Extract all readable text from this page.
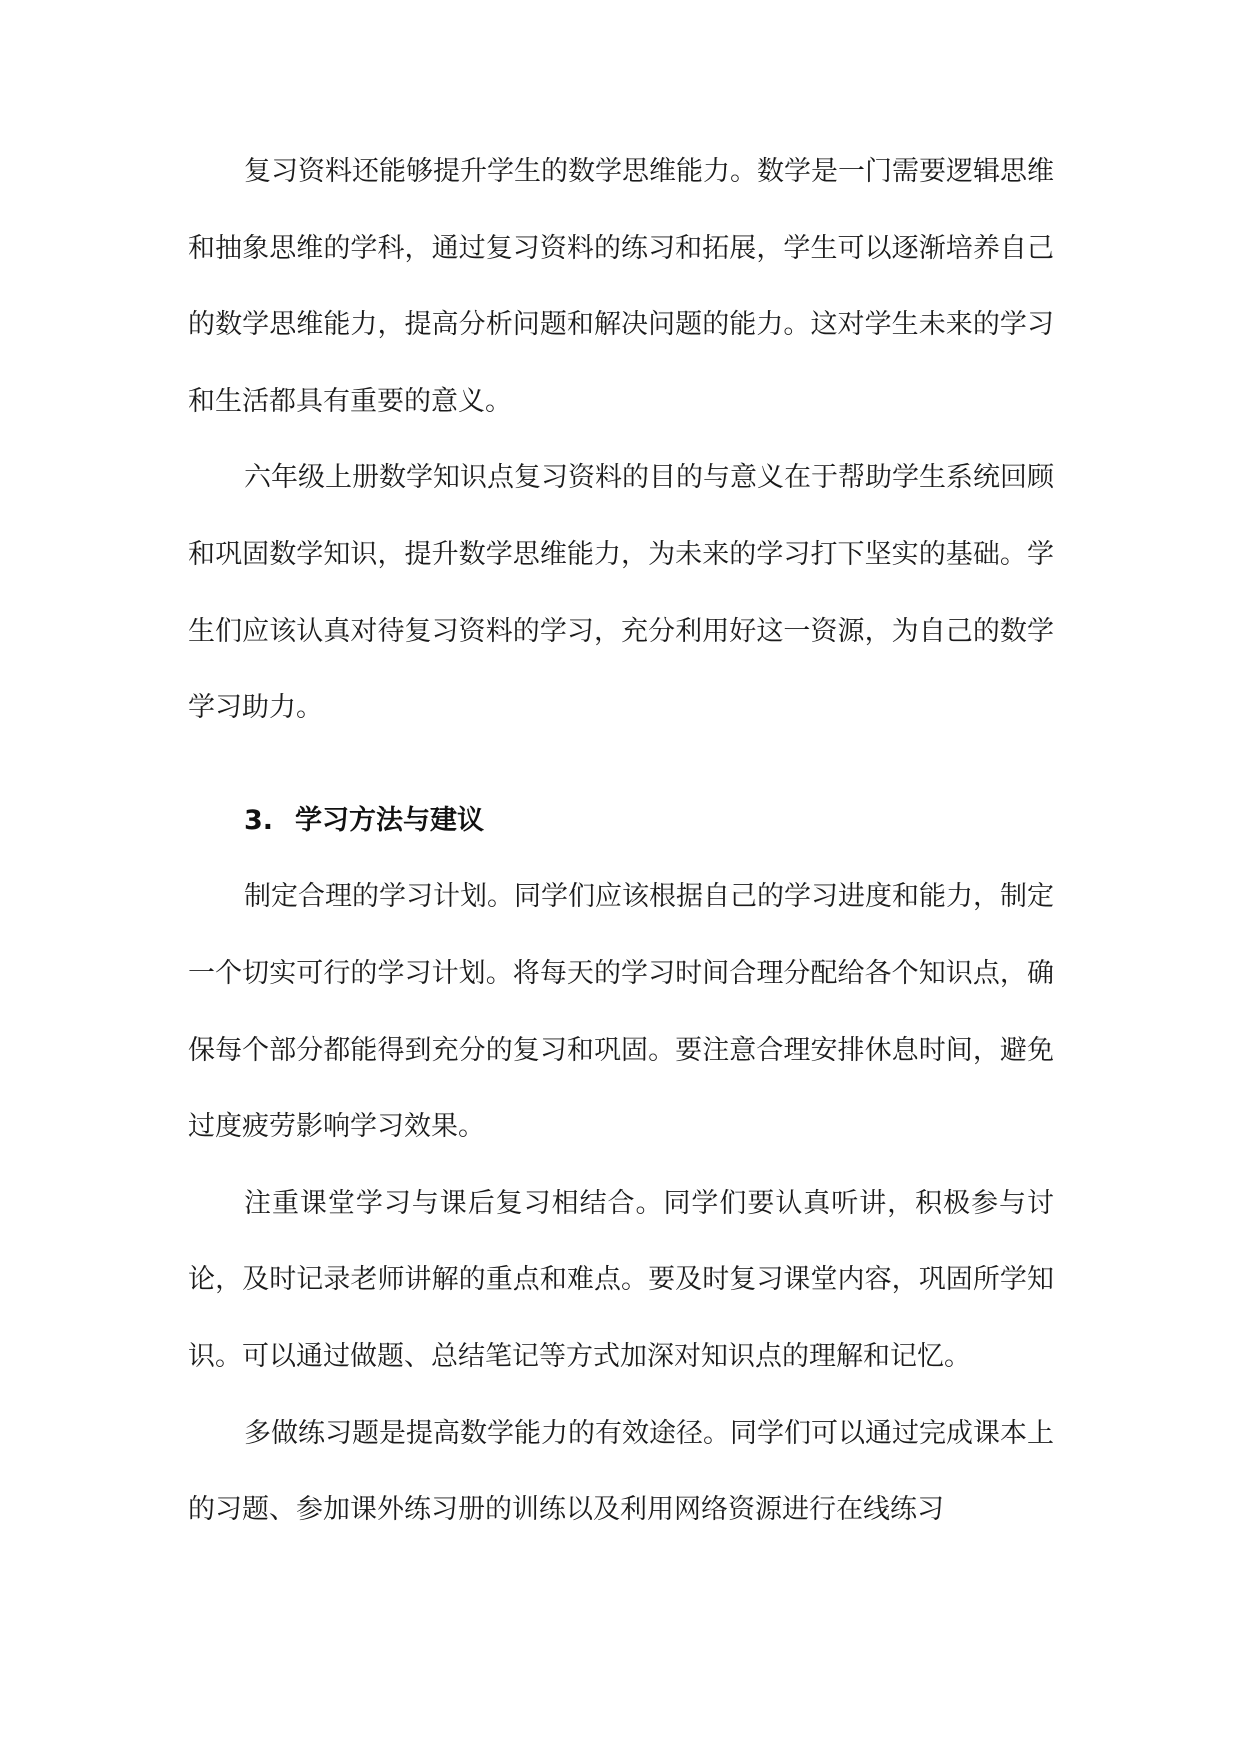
复习资料还能够提升学生的数学思维能力。数学是一门需要逻辑思维和抽象思维的学科，通过复习资料的练习和拓展，学生可以逐渐培养自己的数学思维能力，提高分析问题和解决问题的能力。这对学生未来的学习和生活都具有重要的意义。

六年级上册数学知识点复习资料的目的与意义在于帮助学生系统回顾和巩固数学知识，提升数学思维能力，为未来的学习打下坚实的基础。学生们应该认真对待复习资料的学习，充分利用好这一资源，为自己的数学学习助力。

3. 学习方法与建议

制定合理的学习计划。同学们应该根据自己的学习进度和能力，制定一个切实可行的学习计划。将每天的学习时间合理分配给各个知识点，确保每个部分都能得到充分的复习和巩固。要注意合理安排休息时间，避免过度疲劳影响学习效果。

注重课堂学习与课后复习相结合。同学们要认真听讲，积极参与讨论，及时记录老师讲解的重点和难点。要及时复习课堂内容，巩固所学知识。可以通过做题、总结笔记等方式加深对知识点的理解和记忆。

多做练习题是提高数学能力的有效途径。同学们可以通过完成课本上的习题、参加课外练习册的训练以及利用网络资源进行在线练习
